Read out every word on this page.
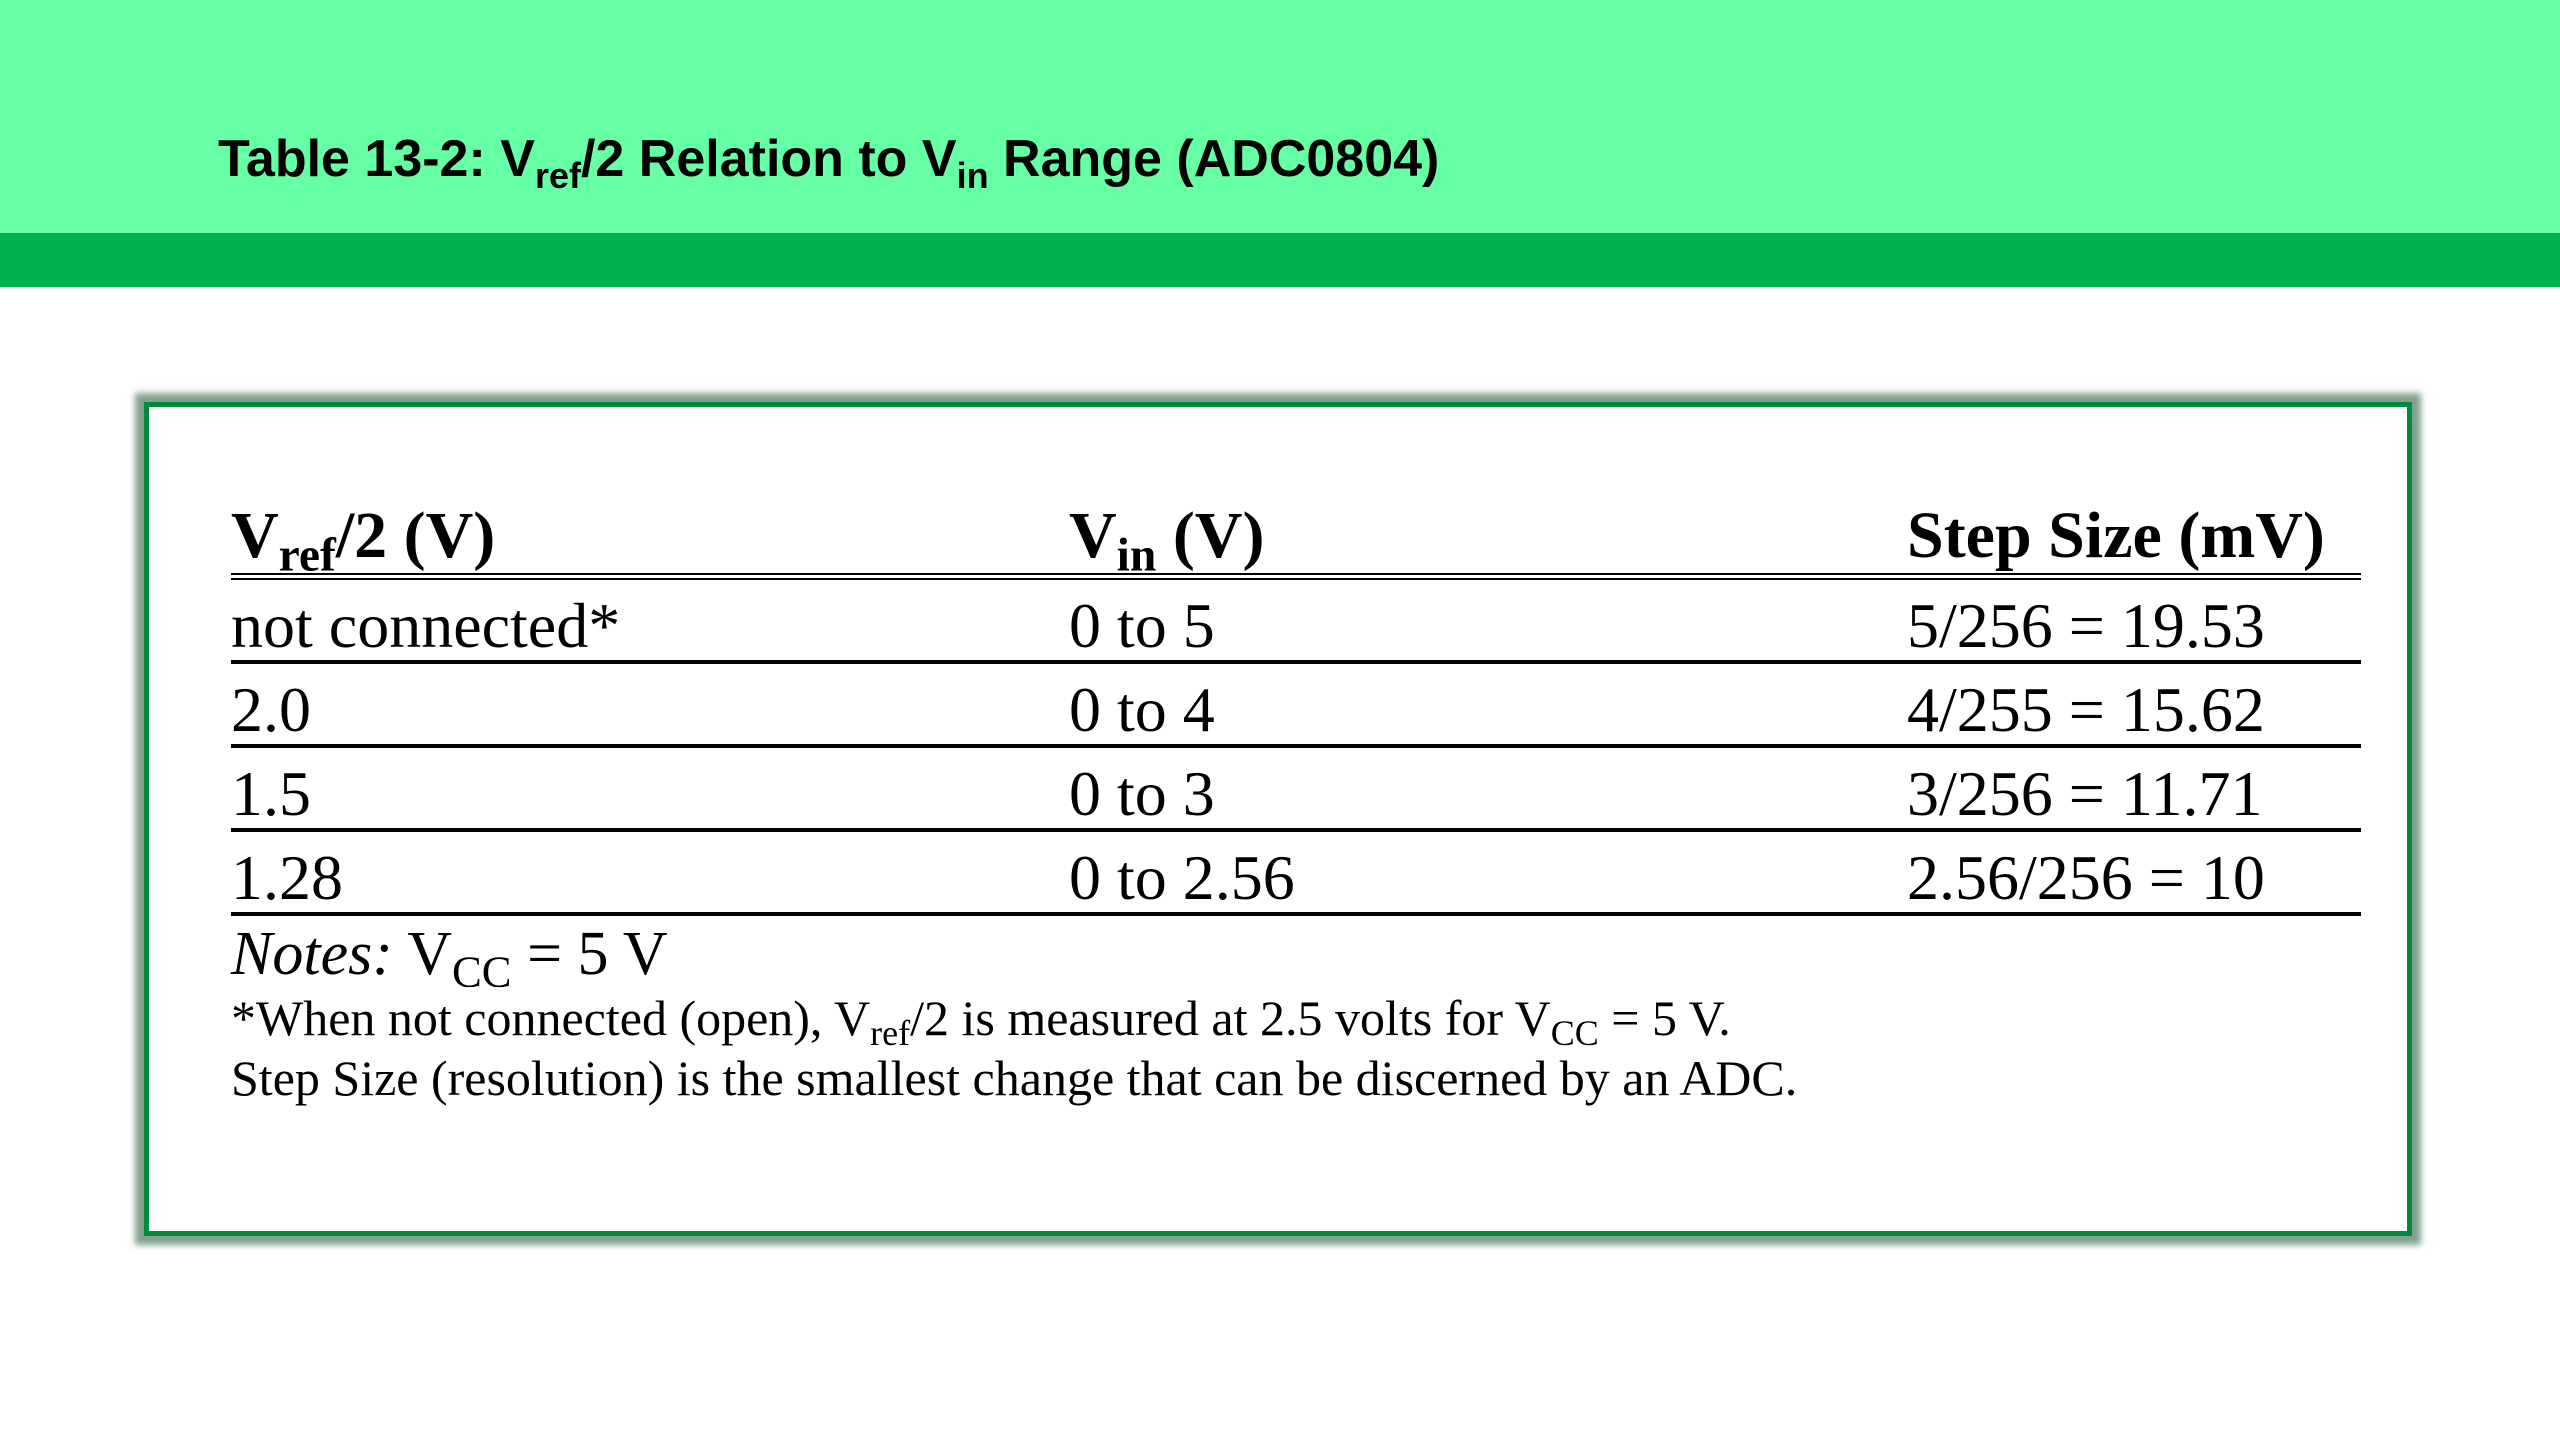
Table 13-2: $V_{ref}/2$ Relation to $V_{in}$ Range (ADC0804)
$V_{ref}/2$ (V)	$V_{in}$ (V)	Step Size (mV)
not connected*	0 to 5	5/256 = 19.53
2.0	0 to 4	4/255 = 15.62
1.5	0 to 3	3/256 = 11.71
1.28	0 to 2.56	2.56/256 = 10

Notes: $V_{CC} = 5$ V

*When not connected (open), $V_{ref}/2$ is measured at 2.5 volts for $V_{CC} = 5$ V.

Step Size (resolution) is the smallest change that can be discerned by an ADC.
